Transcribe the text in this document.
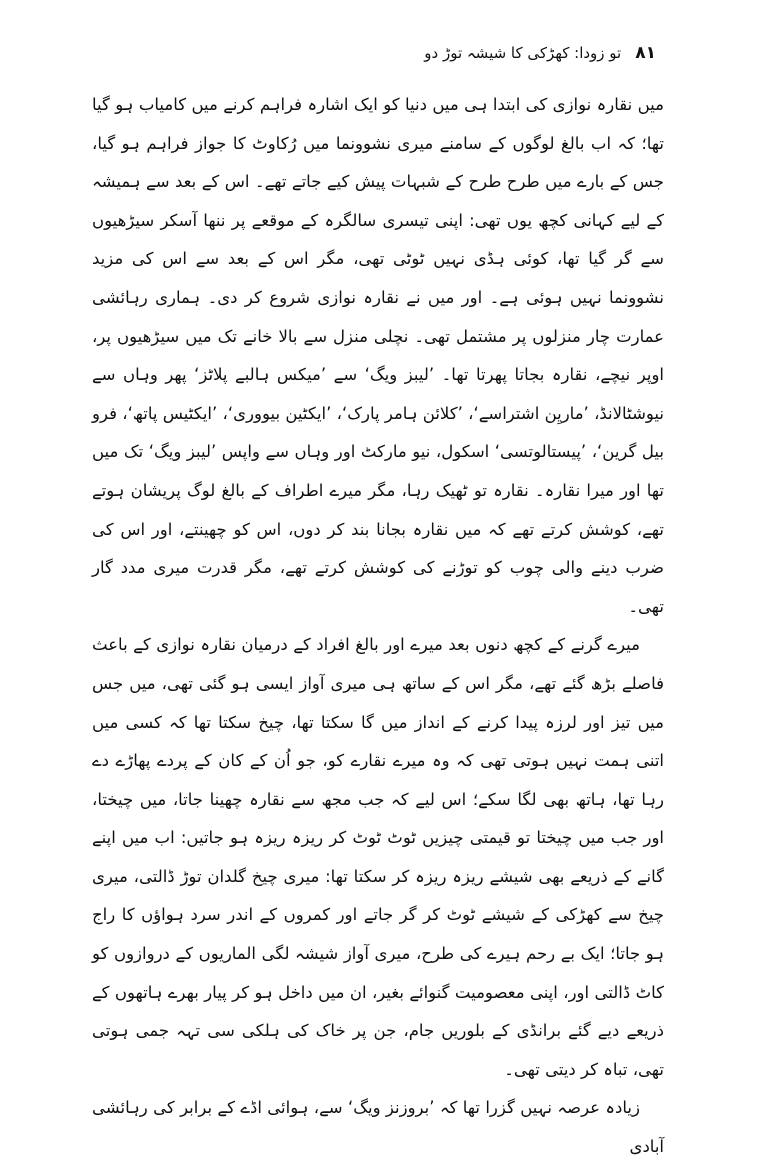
۸۱
تو زودا: کھڑکی کا شیشہ توڑ دو

میں نقارہ نوازی کی ابتدا ہی میں دنیا کو ایک اشارہ فراہم کرنے میں کامیاب ہو گیا تھا؛ کہ اب بالغ لوگوں کے سامنے میری نشوونما میں رُکاوٹ کا جواز فراہم ہو گیا، جس کے بارے میں طرح طرح کے شبہات پیش کیے جاتے تھے۔ اس کے بعد سے ہمیشہ کے لیے کہانی کچھ یوں تھی: اپنی تیسری سالگرہ کے موقعے پر ننھا آسکر سیڑھیوں سے گر گیا تھا، کوئی ہڈی نہیں ٹوٹی تھی، مگر اس کے بعد سے اس کی مزید نشوونما نہیں ہوئی ہے۔ اور میں نے نقارہ نوازی شروع کر دی۔ ہماری رہائشی عمارت چار منزلوں پر مشتمل تھی۔ نچلی منزل سے بالا خانے تک میں سیڑھیوں پر، اوپر نیچے، نقارہ بجاتا پھرتا تھا۔ ’لیبز ویگ‘ سے ’میکس ہالبے پلاٹز‘ پھر وہاں سے نیوشٹالانڈ، ’ماریِن اشتراسے‘، ’کلائن ہامر پارک‘، ’ایکٹین بیووری‘، ’ایکٹیس پاتھ‘، فرو بیل گرین‘، ’پیستالوتسی‘ اسکول، نیو مارکٹ اور وہاں سے واپس ’لیبز ویگ‘ تک میں تھا اور میرا نقارہ۔ نقارہ تو ٹھیک رہا، مگر میرے اطراف کے بالغ لوگ پریشان ہوتے تھے، کوشش کرتے تھے کہ میں نقارہ بجانا بند کر دوں، اس کو چھینتے، اور اس کی ضرب دینے والی چوب کو توڑنے کی کوشش کرتے تھے، مگر قدرت میری مدد گار تھی۔

میرے گرنے کے کچھ دنوں بعد میرے اور بالغ افراد کے درمیان نقارہ نوازی کے باعث فاصلے بڑھ گئے تھے، مگر اس کے ساتھ ہی میری آواز ایسی ہو گئی تھی، میں جس میں تیز اور لرزہ پیدا کرنے کے انداز میں گا سکتا تھا، چیخ سکتا تھا کہ کسی میں اتنی ہمت نہیں ہوتی تھی کہ وہ میرے نقارے کو، جو اُن کے کان کے پردے پھاڑے دے رہا تھا، ہاتھ بھی لگا سکے؛ اس لیے کہ جب مجھ سے نقارہ چھینا جاتا، میں چیختا، اور جب میں چیختا تو قیمتی چیزیں ٹوٹ ٹوٹ کر ریزہ ریزہ ہو جاتیں: اب میں اپنے گانے کے ذریعے بھی شیشے ریزہ ریزہ کر سکتا تھا: میری چیخ گلدان توڑ ڈالتی، میری چیخ سے کھڑکی کے شیشے ٹوٹ کر گر جاتے اور کمروں کے اندر سرد ہواؤں کا راج ہو جاتا؛ ایک بے رحم ہیرے کی طرح، میری آواز شیشہ لگی الماریوں کے دروازوں کو کاٹ ڈالتی اور، اپنی معصومیت گنوائے بغیر، ان میں داخل ہو کر پیار بھرے ہاتھوں کے ذریعے دیے گئے برانڈی کے بلوریں جام، جن پر خاک کی ہلکی سی تہہ جمی ہوتی تھی، تباہ کر دیتی تھی۔

زیادہ عرصہ نہیں گزرا تھا کہ ’بروزنز ویگ‘ سے، ہوائی اڈے کے برابر کی رہائشی آبادی
